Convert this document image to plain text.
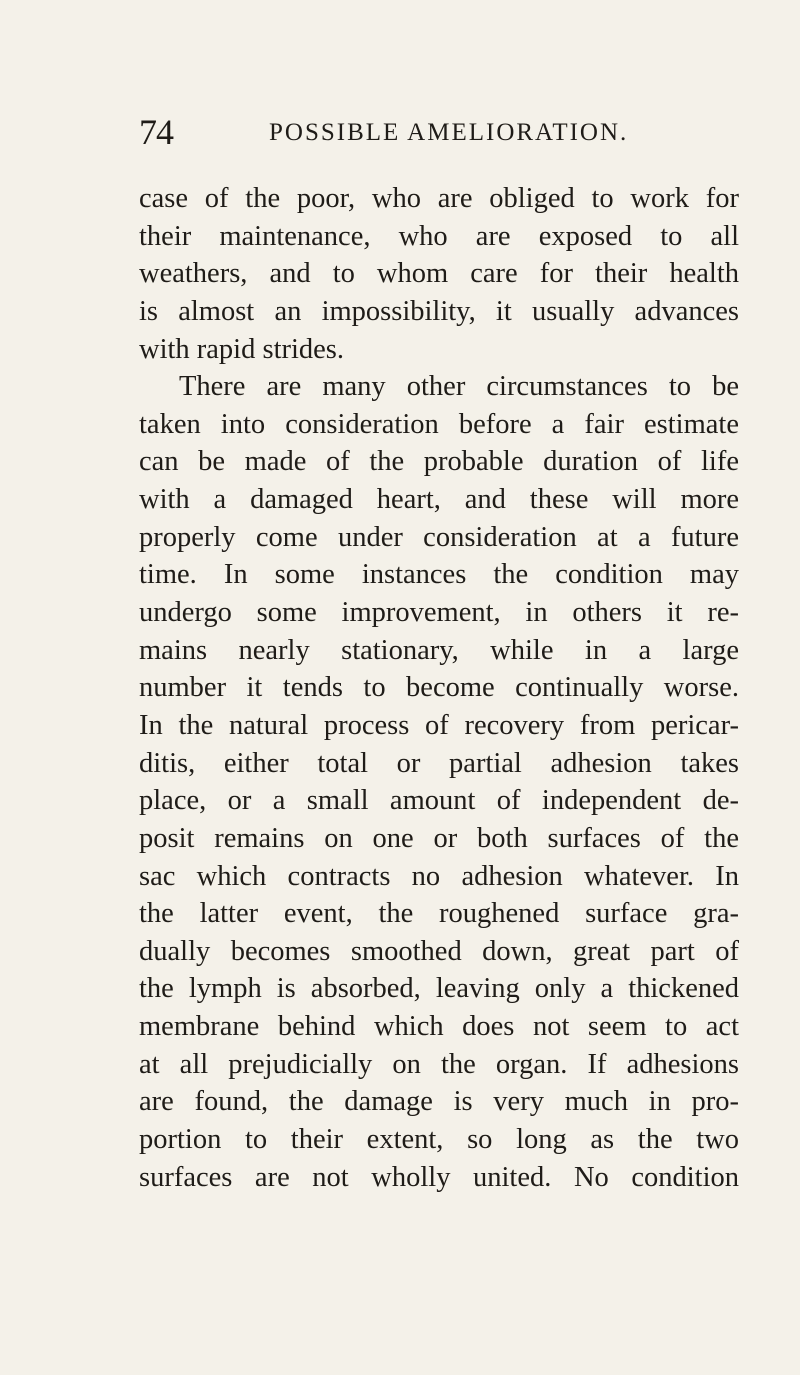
74	POSSIBLE AMELIORATION.
case of the poor, who are obliged to work for
their maintenance, who are exposed to all
weathers, and to whom care for their health
is almost an impossibility, it usually advances
with rapid strides.
There are many other circumstances to be
taken into consideration before a fair estimate
can be made of the probable duration of life
with a damaged heart, and these will more
properly come under consideration at a future
time. In some instances the condition may
undergo some improvement, in others it re-
mains nearly stationary, while in a large
number it tends to become continually worse.
In the natural process of recovery from pericar-
ditis, either total or partial adhesion takes
place, or a small amount of independent de-
posit remains on one or both surfaces of the
sac which contracts no adhesion whatever. In
the latter event, the roughened surface gra-
dually becomes smoothed down, great part of
the lymph is absorbed, leaving only a thickened
membrane behind which does not seem to act
at all prejudicially on the organ. If adhesions
are found, the damage is very much in pro-
portion to their extent, so long as the two
surfaces are not wholly united. No condition
